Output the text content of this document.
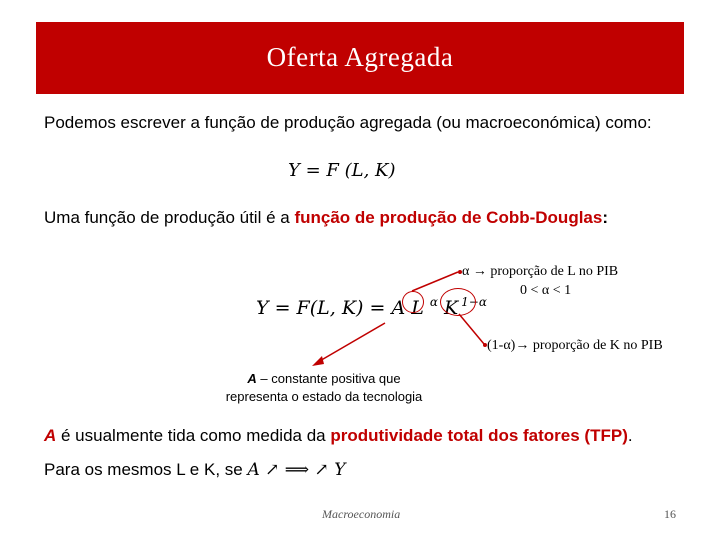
Oferta Agregada
Podemos escrever a função de produção agregada (ou macroeconómica) como:
Y = F (L, K)
Uma função de produção útil é a função de produção de Cobb-Douglas:
Y = F(L, K) = A L $^\alpha$ K $^{1-\alpha}$
α → proporção de L no PIB
0 < α < 1
(1-α)→ proporção de K no PIB
A – constante positiva que
representa o estado da tecnologia
A é usualmente tida como medida da produtividade total dos fatores (TFP).
Para os mesmos L e K, se A ↗ ⟹ ↗ Y
Macroeconomia	16
